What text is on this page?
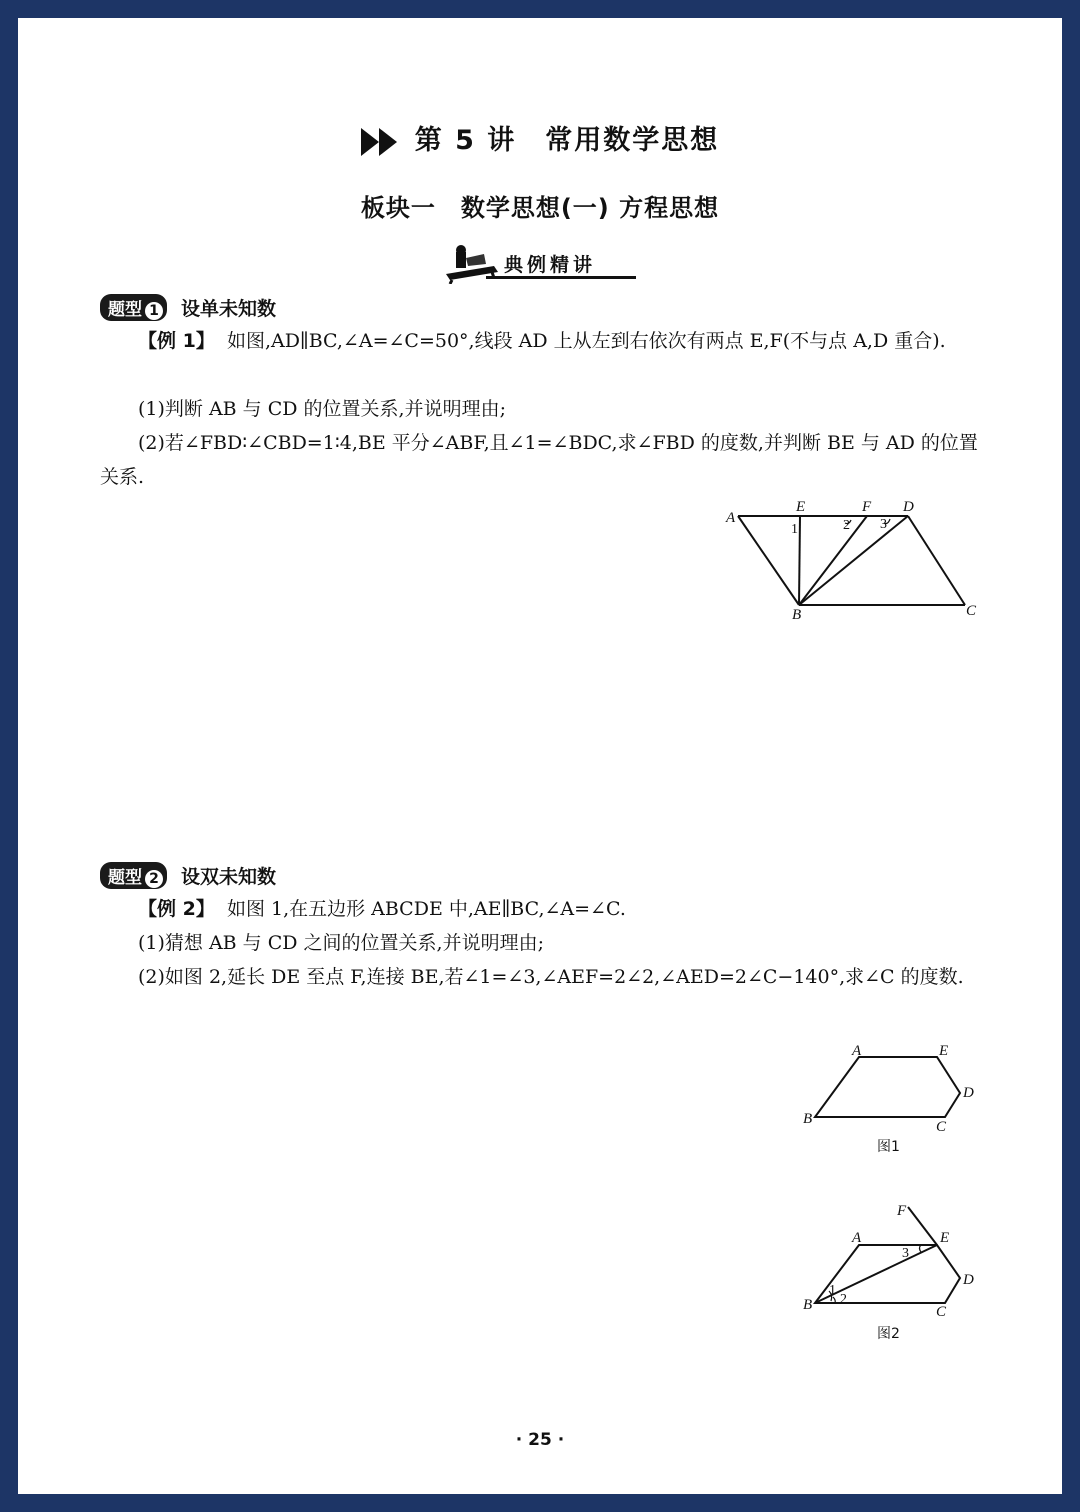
第 5 讲　常用数学思想
板块一　数学思想(一) 方程思想
典例精讲
题型 1 设单未知数
【例 1】 如图,AD∥BC,∠A=∠C=50°,线段 AD 上从左到右依次有两点 E,F(不与点 A,D 重合).
(1)判断 AB 与 CD 的位置关系,并说明理由;
(2)若∠FBD∶∠CBD=1∶4,BE 平分∠ABF,且∠1=∠BDC,求∠FBD 的度数,并判断 BE 与 AD 的位置关系.
A
E	F D
B	C
1	2 3
题型 2 设双未知数
【例 2】 如图 1,在五边形 ABCDE 中,AE∥BC,∠A=∠C.
(1)猜想 AB 与 CD 之间的位置关系,并说明理由;
(2)如图 2,延长 DE 至点 F,连接 BE,若∠1=∠3,∠AEF=2∠2,∠AED=2∠C−140°,求∠C 的度数.
A	E
D
B	C
图1
F
A	E
D
B	C
1
2
3
图2
· 25 ·
